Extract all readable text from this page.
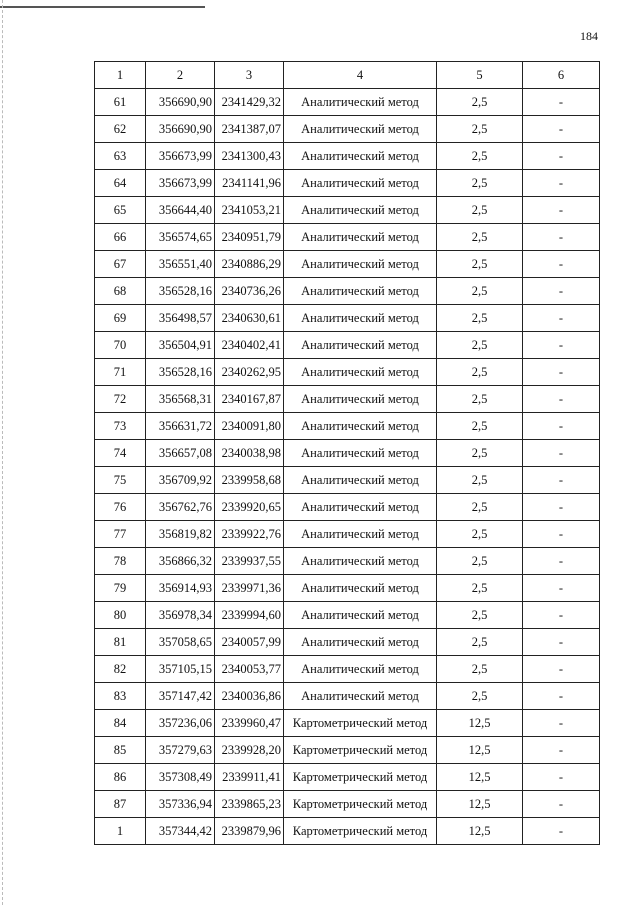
184
1	2	3	4	5	6
61	356690,90	2341429,32	Аналитический метод	2,5	-
62	356690,90	2341387,07	Аналитический метод	2,5	-
63	356673,99	2341300,43	Аналитический метод	2,5	-
64	356673,99	2341141,96	Аналитический метод	2,5	-
65	356644,40	2341053,21	Аналитический метод	2,5	-
66	356574,65	2340951,79	Аналитический метод	2,5	-
67	356551,40	2340886,29	Аналитический метод	2,5	-
68	356528,16	2340736,26	Аналитический метод	2,5	-
69	356498,57	2340630,61	Аналитический метод	2,5	-
70	356504,91	2340402,41	Аналитический метод	2,5	-
71	356528,16	2340262,95	Аналитический метод	2,5	-
72	356568,31	2340167,87	Аналитический метод	2,5	-
73	356631,72	2340091,80	Аналитический метод	2,5	-
74	356657,08	2340038,98	Аналитический метод	2,5	-
75	356709,92	2339958,68	Аналитический метод	2,5	-
76	356762,76	2339920,65	Аналитический метод	2,5	-
77	356819,82	2339922,76	Аналитический метод	2,5	-
78	356866,32	2339937,55	Аналитический метод	2,5	-
79	356914,93	2339971,36	Аналитический метод	2,5	-
80	356978,34	2339994,60	Аналитический метод	2,5	-
81	357058,65	2340057,99	Аналитический метод	2,5	-
82	357105,15	2340053,77	Аналитический метод	2,5	-
83	357147,42	2340036,86	Аналитический метод	2,5	-
84	357236,06	2339960,47	Картометрический метод	12,5	-
85	357279,63	2339928,20	Картометрический метод	12,5	-
86	357308,49	2339911,41	Картометрический метод	12,5	-
87	357336,94	2339865,23	Картометрический метод	12,5	-
1	357344,42	2339879,96	Картометрический метод	12,5	-
